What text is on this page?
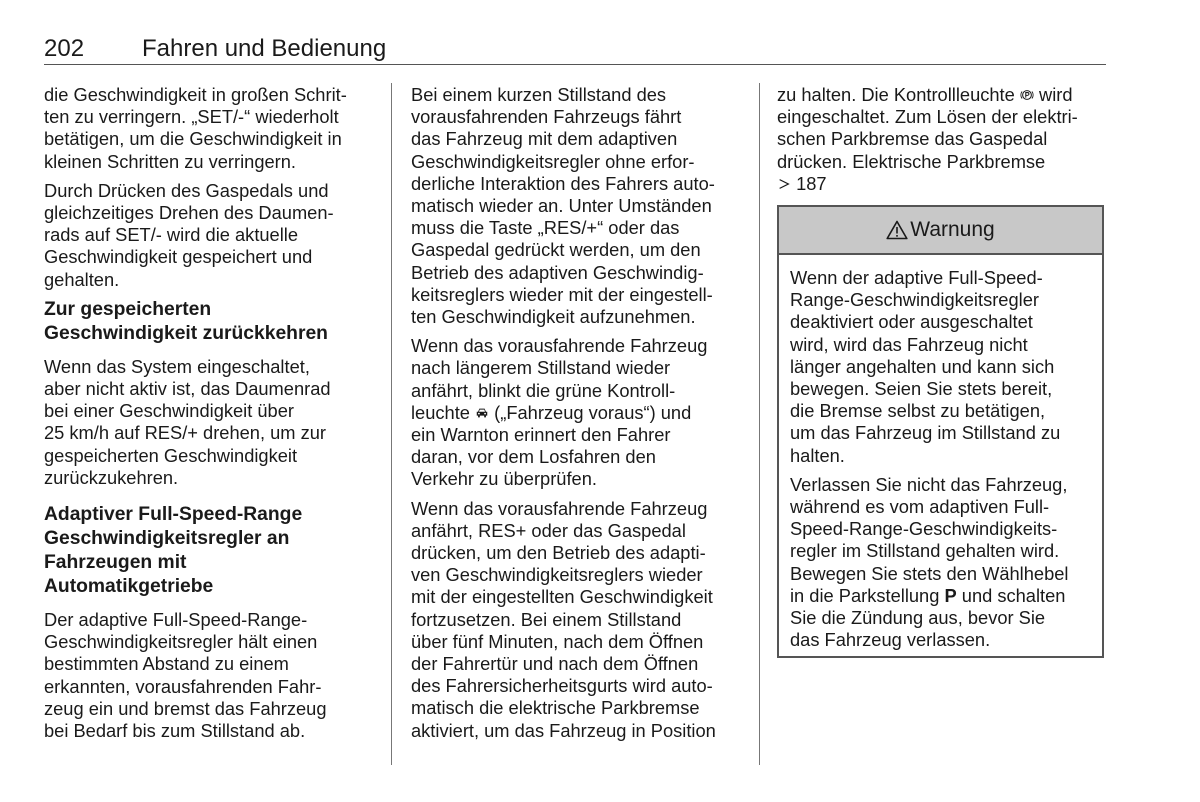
202 Fahren und Bedienung

die Geschwindigkeit in großen Schrit-
ten zu verringern. „SET/-“ wiederholt
betätigen, um die Geschwindigkeit in
kleinen Schritten zu verringern.

Durch Drücken des Gaspedals und
gleichzeitiges Drehen des Daumen-
rads auf SET/- wird die aktuelle
Geschwindigkeit gespeichert und
gehalten.

Zur gespeicherten
Geschwindigkeit zurückkehren

Wenn das System eingeschaltet,
aber nicht aktiv ist, das Daumenrad
bei einer Geschwindigkeit über
25 km/h auf RES/+ drehen, um zur
gespeicherten Geschwindigkeit
zurückzukehren.

Adaptiver Full-Speed-Range
Geschwindigkeitsregler an
Fahrzeugen mit
Automatikgetriebe

Der adaptive Full-Speed-Range-
Geschwindigkeitsregler hält einen
bestimmten Abstand zu einem
erkannten, vorausfahrenden Fahr-
zeug ein und bremst das Fahrzeug
bei Bedarf bis zum Stillstand ab.

Bei einem kurzen Stillstand des
vorausfahrenden Fahrzeugs fährt
das Fahrzeug mit dem adaptiven
Geschwindigkeitsregler ohne erfor-
derliche Interaktion des Fahrers auto-
matisch wieder an. Unter Umständen
muss die Taste „RES/+“ oder das
Gaspedal gedrückt werden, um den
Betrieb des adaptiven Geschwindig-
keitsreglers wieder mit der eingestell-
ten Geschwindigkeit aufzunehmen.

Wenn das vorausfahrende Fahrzeug
nach längerem Stillstand wieder
anfährt, blinkt die grüne Kontroll-
leuchte („Fahrzeug voraus“) und
ein Warnton erinnert den Fahrer
daran, vor dem Losfahren den
Verkehr zu überprüfen.

Wenn das vorausfahrende Fahrzeug
anfährt, RES+ oder das Gaspedal
drücken, um den Betrieb des adapti-
ven Geschwindigkeitsreglers wieder
mit der eingestellten Geschwindigkeit
fortzusetzen. Bei einem Stillstand
über fünf Minuten, nach dem Öffnen
der Fahrertür und nach dem Öffnen
des Fahrersicherheitsgurts wird auto-
matisch die elektrische Parkbremse
aktiviert, um das Fahrzeug in Position

zu halten. Die Kontrollleuchte wird
eingeschaltet. Zum Lösen der elektri-
schen Parkbremse das Gaspedal
drücken. Elektrische Parkbremse
187

Warnung

Wenn der adaptive Full-Speed-
Range-Geschwindigkeitsregler
deaktiviert oder ausgeschaltet
wird, wird das Fahrzeug nicht
länger angehalten und kann sich
bewegen. Seien Sie stets bereit,
die Bremse selbst zu betätigen,
um das Fahrzeug im Stillstand zu
halten.

Verlassen Sie nicht das Fahrzeug,
während es vom adaptiven Full-
Speed-Range-Geschwindigkeits-
regler im Stillstand gehalten wird.
Bewegen Sie stets den Wählhebel
in die Parkstellung P und schalten
Sie die Zündung aus, bevor Sie
das Fahrzeug verlassen.
